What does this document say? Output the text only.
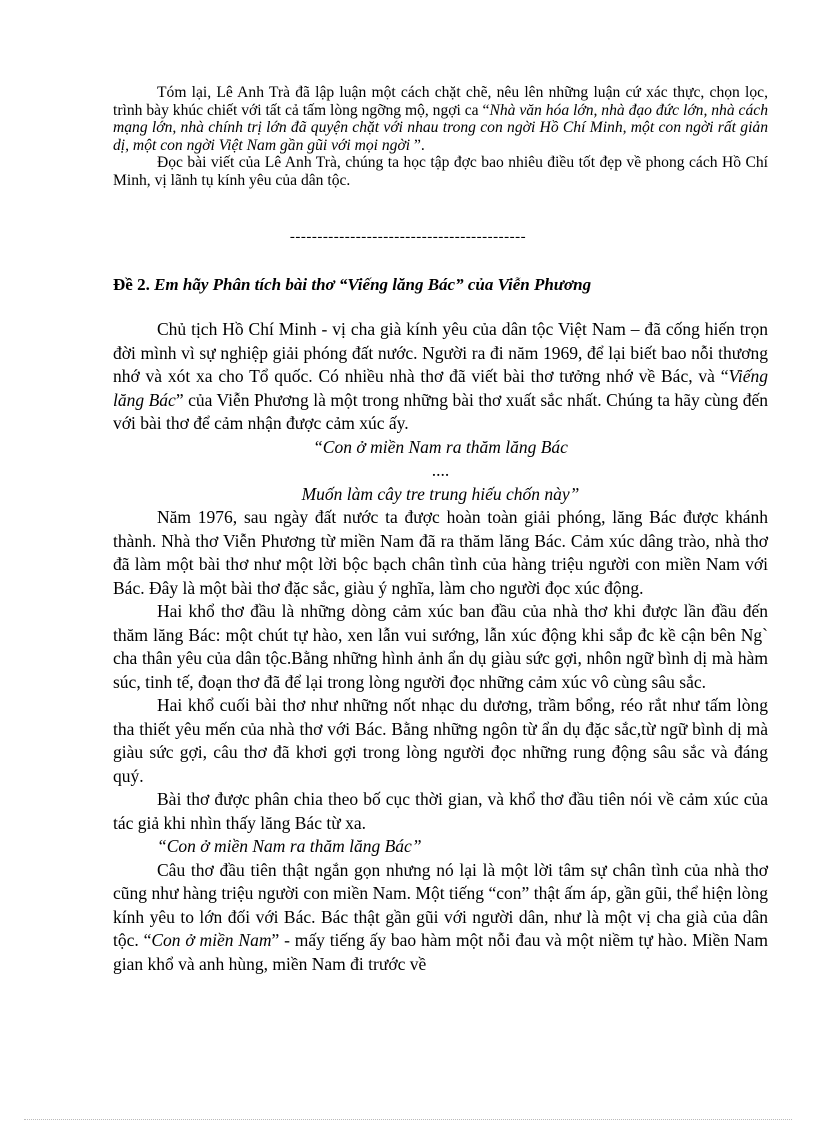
Tóm lại, Lê Anh Trà đã lập luận một cách chặt chẽ, nêu lên những luận cứ xác thực, chọn lọc, trình bày khúc chiết với tất cả tấm lòng ngỡng mộ, ngợi ca “Nhà văn hóa lớn, nhà đạo đức lớn, nhà cách mạng lớn, nhà chính trị lớn đã quyện chặt với nhau trong con ngời Hồ Chí Minh, một con ngời rất giản dị, một con ngời Việt Nam gần gũi với mọi ngời ”.

Đọc bài viết của Lê Anh Trà, chúng ta học tập đợc bao nhiêu điều tốt đẹp về phong cách Hồ Chí Minh, vị lãnh tụ kính yêu của dân tộc.

-------------------------------------------

Đề 2. Em hãy Phân tích bài thơ “Viếng lăng Bác” của Viễn Phương

Chủ tịch Hồ Chí Minh - vị cha già kính yêu của dân tộc Việt Nam – đã cống hiến trọn đời mình vì sự nghiệp giải phóng đất nước. Người ra đi năm 1969, để lại biết bao nỗi thương nhớ và xót xa cho Tổ quốc. Có nhiều nhà thơ đã viết bài thơ tưởng nhớ về Bác, và “Viếng lăng Bác” của Viễn Phương là một trong những bài thơ xuất sắc nhất. Chúng ta hãy cùng đến với bài thơ để cảm nhận được cảm xúc ấy.

“Con ở miền Nam ra thăm lăng Bác

....

Muốn làm cây tre trung hiếu chốn này”

Năm 1976, sau ngày đất nước ta được hoàn toàn giải phóng, lăng Bác được khánh thành. Nhà thơ Viễn Phương từ miền Nam đã ra thăm lăng Bác. Cảm xúc dâng trào, nhà thơ đã làm một bài thơ như một lời bộc bạch chân tình của hàng triệu người con miền Nam với Bác. Đây là một bài thơ đặc sắc, giàu ý nghĩa, làm cho người đọc xúc động.

Hai khổ thơ đầu là những dòng cảm xúc ban đầu của nhà thơ khi được lần đầu đến thăm lăng Bác: một chút tự hào, xen lẫn vui sướng, lẫn xúc động khi sắp đc kề cận bên Ng` cha thân yêu của dân tộc.Bằng những hình ảnh ẩn dụ giàu sức gợi, nhôn ngữ bình dị mà hàm súc, tinh tế, đoạn thơ đã để lại trong lòng người đọc những cảm xúc vô cùng sâu sắc.

Hai khổ cuối bài thơ như những nốt nhạc du dương, trầm bổng, réo rắt như tấm lòng tha thiết yêu mến của nhà thơ với Bác. Bằng những ngôn từ ẩn dụ đặc sắc,từ ngữ bình dị mà giàu sức gợi, câu thơ đã khơi gợi trong lòng người đọc những rung động sâu sắc và đáng quý.

Bài thơ được phân chia theo bố cục thời gian, và khổ thơ đầu tiên nói về cảm xúc của tác giả khi nhìn thấy lăng Bác từ xa.

“Con ở miền Nam ra thăm lăng Bác”

Câu thơ đầu tiên thật ngắn gọn nhưng nó lại là một lời tâm sự chân tình của nhà thơ cũng như hàng triệu người con miền Nam. Một tiếng “con” thật ấm áp, gần gũi, thể hiện lòng kính yêu to lớn đối với Bác. Bác thật gần gũi với người dân, như là một vị cha già của dân tộc. “Con ở miền Nam” - mấy tiếng ấy bao hàm một nỗi đau và một niềm tự hào. Miền Nam gian khổ và anh hùng, miền Nam đi trước về
